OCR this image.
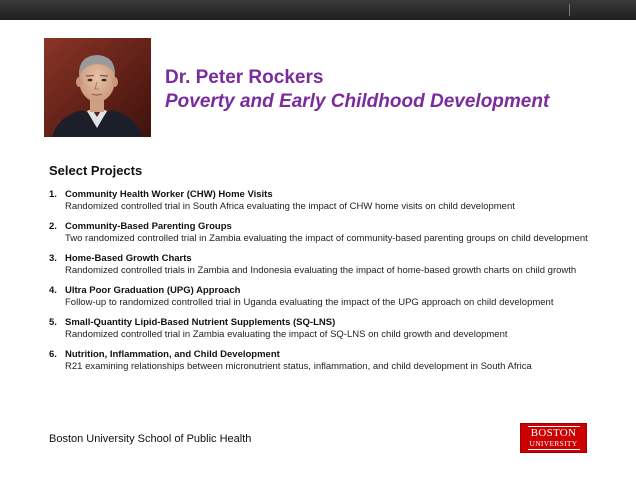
Dr. Peter Rockers
Poverty and Early Childhood Development
Select Projects
1. Community Health Worker (CHW) Home Visits
Randomized controlled trial in South Africa evaluating the impact of CHW home visits on child development
2. Community-Based Parenting Groups
Two randomized controlled trial in Zambia evaluating the impact of community-based parenting groups on child development
3. Home-Based Growth Charts
Randomized controlled trials in Zambia and Indonesia evaluating the impact of home-based growth charts on child growth
4. Ultra Poor Graduation (UPG) Approach
Follow-up to randomized controlled trial in Uganda evaluating the impact of the UPG approach on child development
5. Small-Quantity Lipid-Based Nutrient Supplements (SQ-LNS)
Randomized controlled trial in Zambia evaluating the impact of SQ-LNS on child growth and development
6. Nutrition, Inflammation, and Child Development
R21 examining relationships between micronutrient status, inflammation, and child development in South Africa
Boston University School of Public Health	BOSTON
UNIVERSITY
